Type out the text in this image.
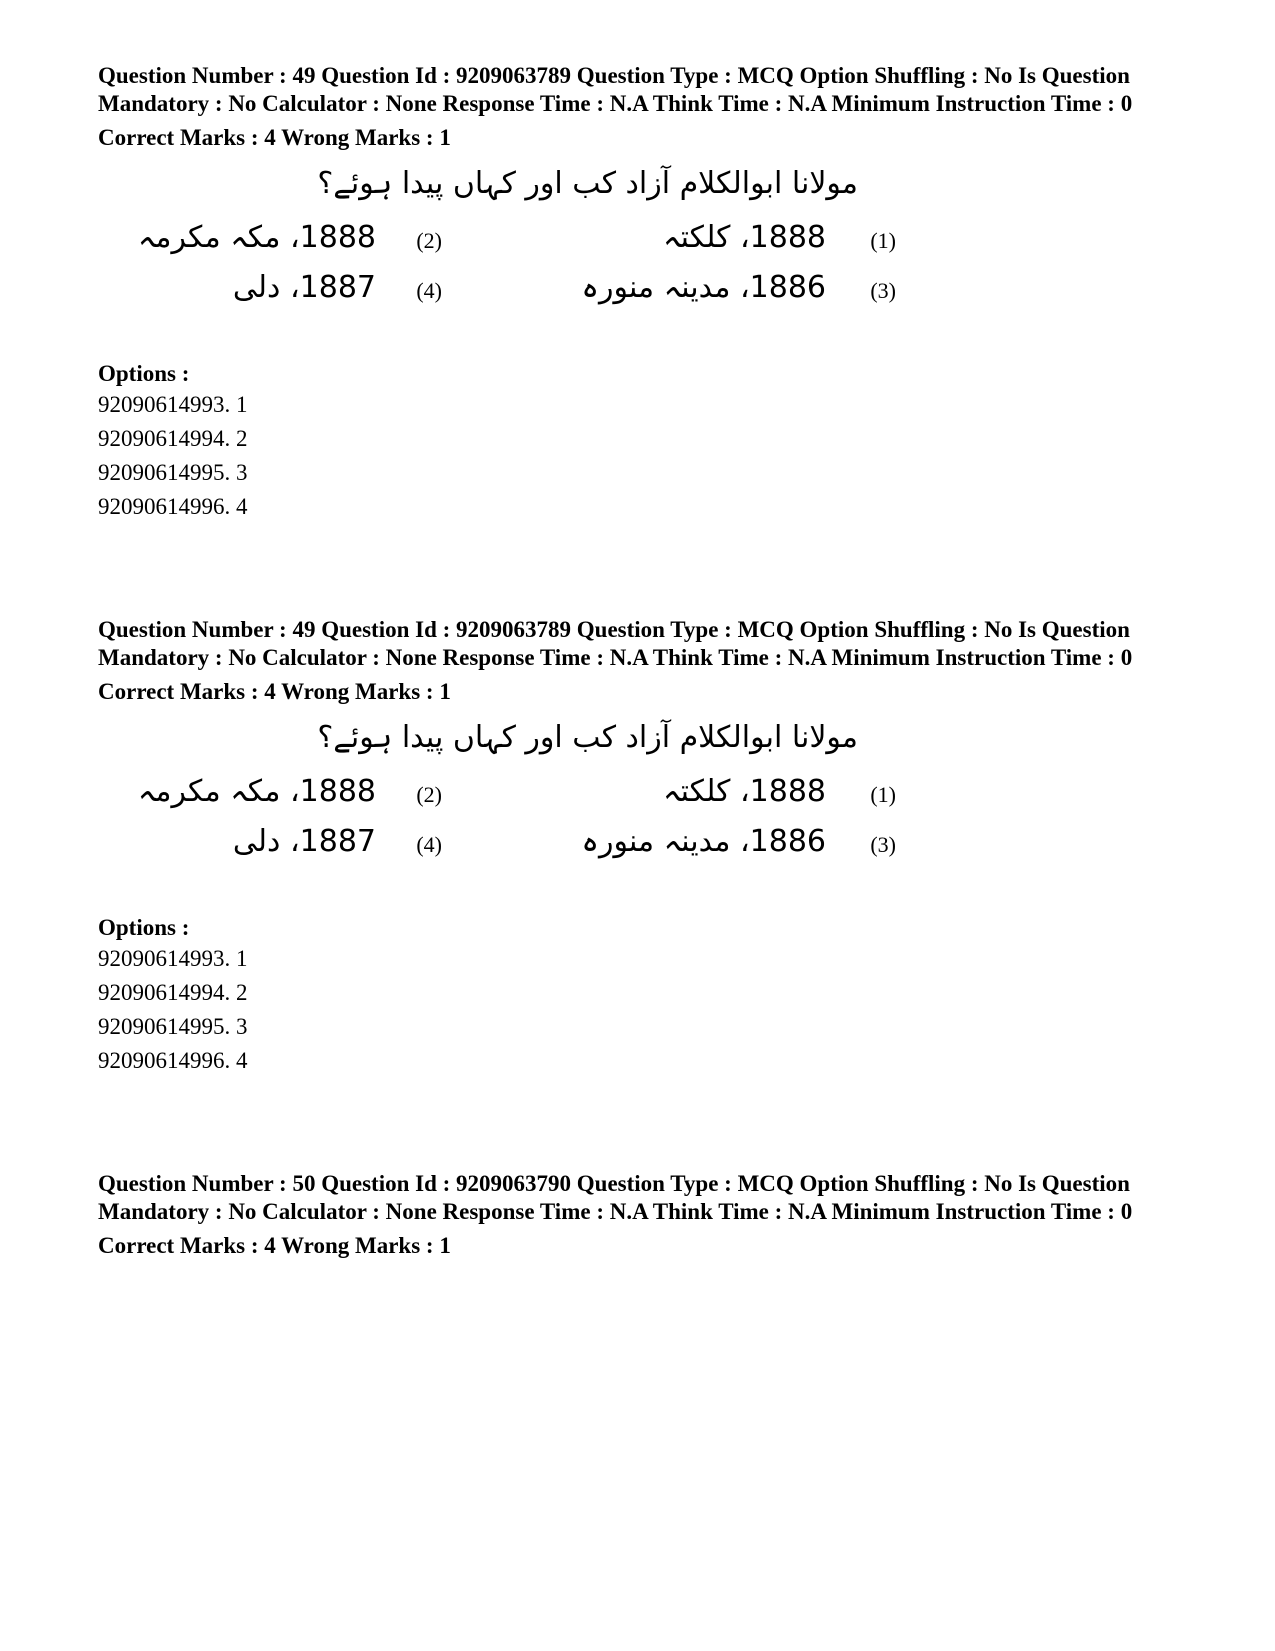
Question Number : 49 Question Id : 9209063789 Question Type : MCQ Option Shuffling : No Is Question Mandatory : No Calculator : None Response Time : N.A Think Time : N.A Minimum Instruction Time : 0

Correct Marks : 4 Wrong Marks : 1

مولانا ابوالکلام آزاد کب اور کہاں پیدا ہوئے؟
(1)
1888، کلکتہ
(2)
1888، مکہ مکرمہ
(3)
1886، مدینہ منورہ
(4)
1887، دلی

Options :

92090614993. 1

92090614994. 2

92090614995. 3

92090614996. 4

Question Number : 49 Question Id : 9209063789 Question Type : MCQ Option Shuffling : No Is Question Mandatory : No Calculator : None Response Time : N.A Think Time : N.A Minimum Instruction Time : 0

Correct Marks : 4 Wrong Marks : 1

مولانا ابوالکلام آزاد کب اور کہاں پیدا ہوئے؟
(1)
1888، کلکتہ
(2)
1888، مکہ مکرمہ
(3)
1886، مدینہ منورہ
(4)
1887، دلی

Options :

92090614993. 1

92090614994. 2

92090614995. 3

92090614996. 4

Question Number : 50 Question Id : 9209063790 Question Type : MCQ Option Shuffling : No Is Question Mandatory : No Calculator : None Response Time : N.A Think Time : N.A Minimum Instruction Time : 0

Correct Marks : 4 Wrong Marks : 1
